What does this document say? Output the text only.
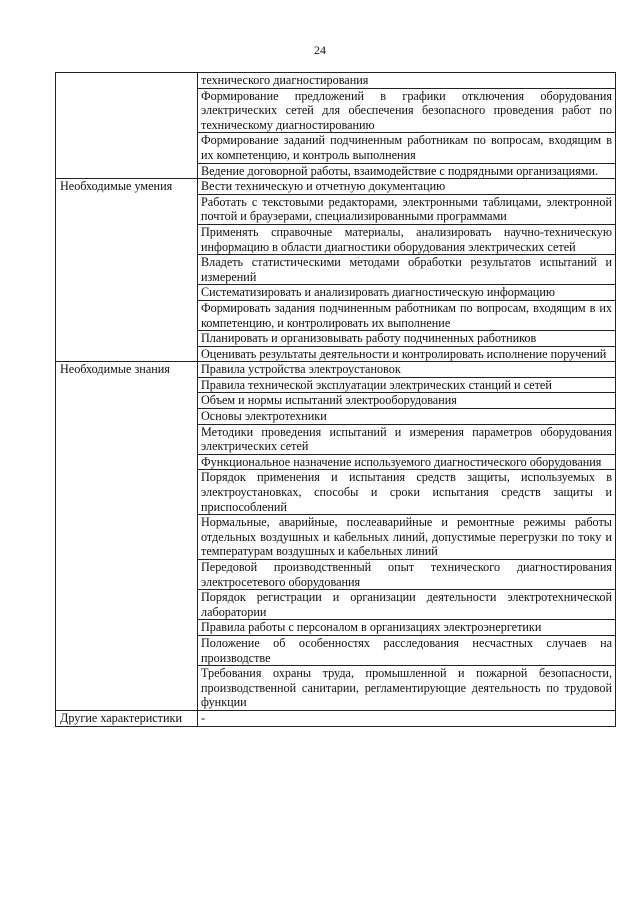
24
	технического диагностирования
	Формирование предложений в графики отключения оборудования электрических сетей для обеспечения безопасного проведения работ по техническому диагностированию
	Формирование заданий подчиненным работникам по вопросам, входящим в их компетенцию, и контроль выполнения
	Ведение договорной работы, взаимодействие с подрядными организациями.
Необходимые умения	Вести техническую и отчетную документацию
	Работать с текстовыми редакторами, электронными таблицами, электронной почтой и браузерами, специализированными программами
	Применять справочные материалы, анализировать научно-техническую информацию в области диагностики оборудования электрических сетей
	Владеть статистическими методами обработки результатов испытаний и измерений
	Систематизировать и анализировать диагностическую информацию
	Формировать задания подчиненным работникам по вопросам, входящим в их компетенцию, и контролировать их выполнение
	Планировать и организовывать работу подчиненных работников
	Оценивать результаты деятельности и контролировать исполнение поручений
Необходимые знания	Правила устройства электроустановок
	Правила технической эксплуатации электрических станций и сетей
	Объем и нормы испытаний электрооборудования
	Основы электротехники
	Методики проведения испытаний и измерения параметров оборудования электрических сетей
	Функциональное назначение используемого диагностического оборудования
	Порядок применения и испытания средств защиты, используемых в электроустановках, способы и сроки испытания средств защиты и приспособлений
	Нормальные, аварийные, послеаварийные и ремонтные режимы работы отдельных воздушных и кабельных линий, допустимые перегрузки по току и температурам воздушных и кабельных линий
	Передовой производственный опыт технического диагностирования электросетевого оборудования
	Порядок регистрации и организации деятельности электротехнической лаборатории
	Правила работы с персоналом в организациях электроэнергетики
	Положение об особенностях расследования несчастных случаев на производстве
	Требования охраны труда, промышленной и пожарной безопасности, производственной санитарии, регламентирующие деятельность по трудовой функции
Другие характеристики	-
